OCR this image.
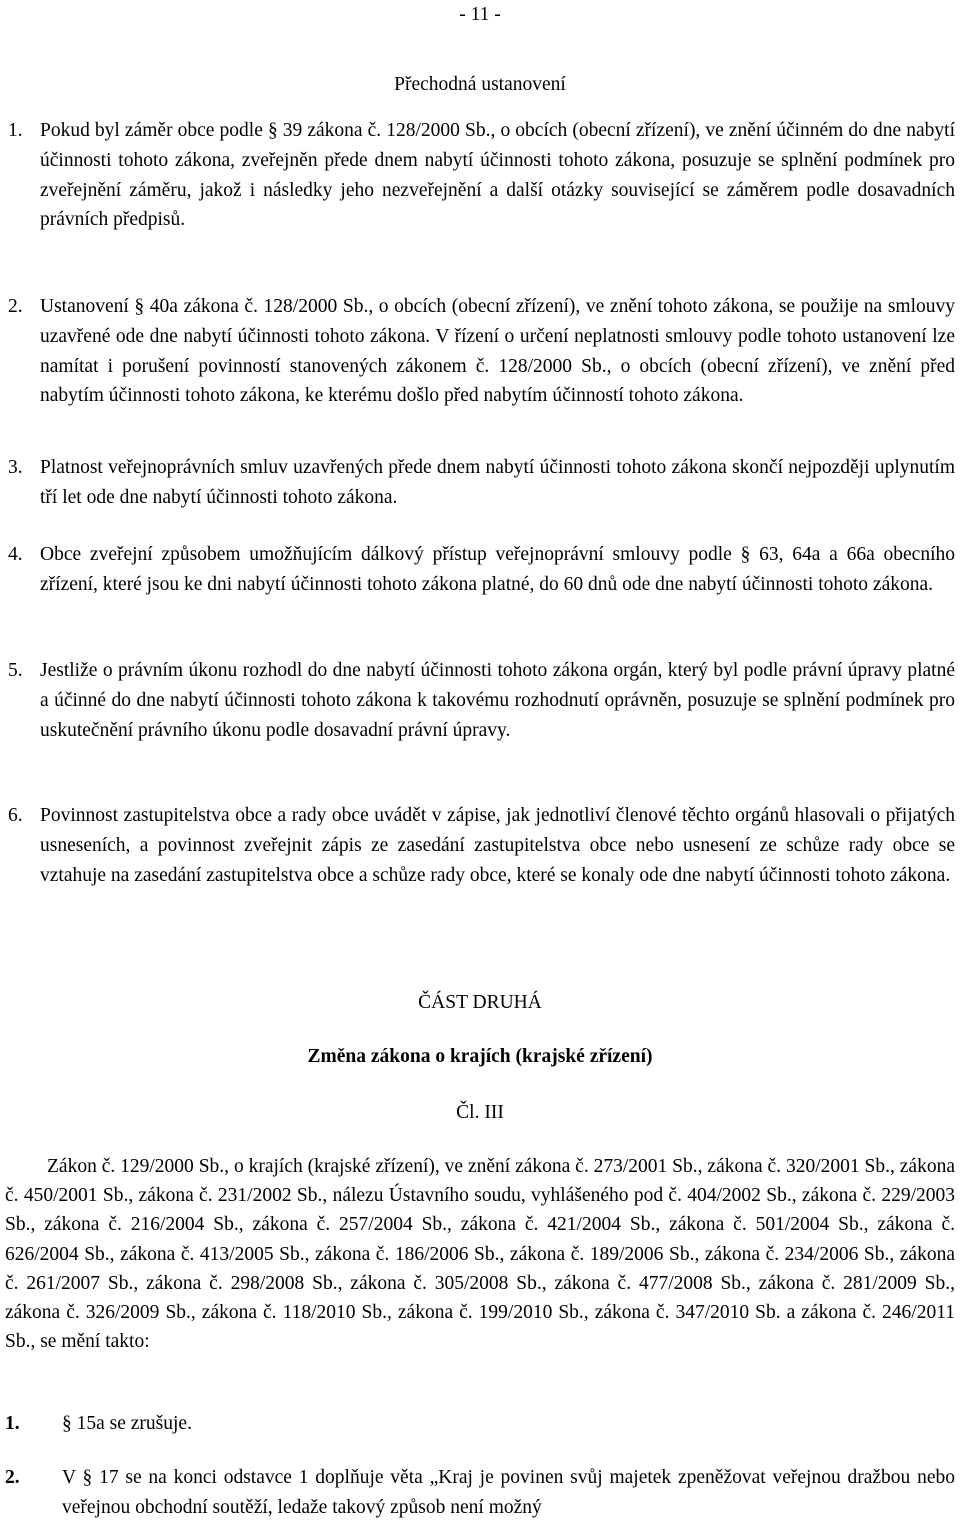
- 11 -
Přechodná ustanovení
1. Pokud byl záměr obce podle § 39 zákona č. 128/2000 Sb., o obcích (obecní zřízení), ve znění účinném do dne nabytí účinnosti tohoto zákona, zveřejněn přede dnem nabytí účinnosti tohoto zákona, posuzuje se splnění podmínek pro zveřejnění záměru, jakož i následky jeho nezveřejnění a další otázky související se záměrem podle dosavadních právních předpisů.
2. Ustanovení § 40a zákona č. 128/2000 Sb., o obcích (obecní zřízení), ve znění tohoto zákona, se použije na smlouvy uzavřené ode dne nabytí účinnosti tohoto zákona. V řízení o určení neplatnosti smlouvy podle tohoto ustanovení lze namítat i porušení povinností stanovených zákonem č. 128/2000 Sb., o obcích (obecní zřízení), ve znění před nabytím účinnosti tohoto zákona, ke kterému došlo před nabytím účinností tohoto zákona.
3. Platnost veřejnoprávních smluv uzavřených přede dnem nabytí účinnosti tohoto zákona skončí nejpozději uplynutím tří let ode dne nabytí účinnosti tohoto zákona.
4. Obce zveřejní způsobem umožňujícím dálkový přístup veřejnoprávní smlouvy podle § 63, 64a a 66a obecního zřízení, které jsou ke dni nabytí účinnosti tohoto zákona platné, do 60 dnů ode dne nabytí účinnosti tohoto zákona.
5. Jestliže o právním úkonu rozhodl do dne nabytí účinnosti tohoto zákona orgán, který byl podle právní úpravy platné a účinné do dne nabytí účinnosti tohoto zákona k takovému rozhodnutí oprávněn, posuzuje se splnění podmínek pro uskutečnění právního úkonu podle dosavadní právní úpravy.
6. Povinnost zastupitelstva obce a rady obce uvádět v zápise, jak jednotliví členové těchto orgánů hlasovali o přijatých usneseních, a povinnost zveřejnit zápis ze zasedání zastupitelstva obce nebo usnesení ze schůze rady obce se vztahuje na zasedání zastupitelstva obce a schůze rady obce, které se konaly ode dne nabytí účinnosti tohoto zákona.
ČÁST DRUHÁ
Změna zákona o krajích (krajské zřízení)
Čl. III
Zákon č. 129/2000 Sb., o krajích (krajské zřízení), ve znění zákona č. 273/2001 Sb., zákona č. 320/2001 Sb., zákona č. 450/2001 Sb., zákona č. 231/2002 Sb., nálezu Ústavního soudu, vyhlášeného pod č. 404/2002 Sb., zákona č. 229/2003 Sb., zákona č. 216/2004 Sb., zákona č. 257/2004 Sb., zákona č. 421/2004 Sb., zákona č. 501/2004 Sb., zákona č. 626/2004 Sb., zákona č. 413/2005 Sb., zákona č. 186/2006 Sb., zákona č. 189/2006 Sb., zákona č. 234/2006 Sb., zákona č. 261/2007 Sb., zákona č. 298/2008 Sb., zákona č. 305/2008 Sb., zákona č. 477/2008 Sb., zákona č. 281/2009 Sb., zákona č. 326/2009 Sb., zákona č. 118/2010 Sb., zákona č. 199/2010 Sb., zákona č. 347/2010 Sb. a zákona č. 246/2011 Sb., se mění takto:
1. § 15a se zrušuje.
2. V § 17 se na konci odstavce 1 doplňuje věta „Kraj je povinen svůj majetek zpeněžovat veřejnou dražbou nebo veřejnou obchodní soutěží, ledaže takový způsob není možný
